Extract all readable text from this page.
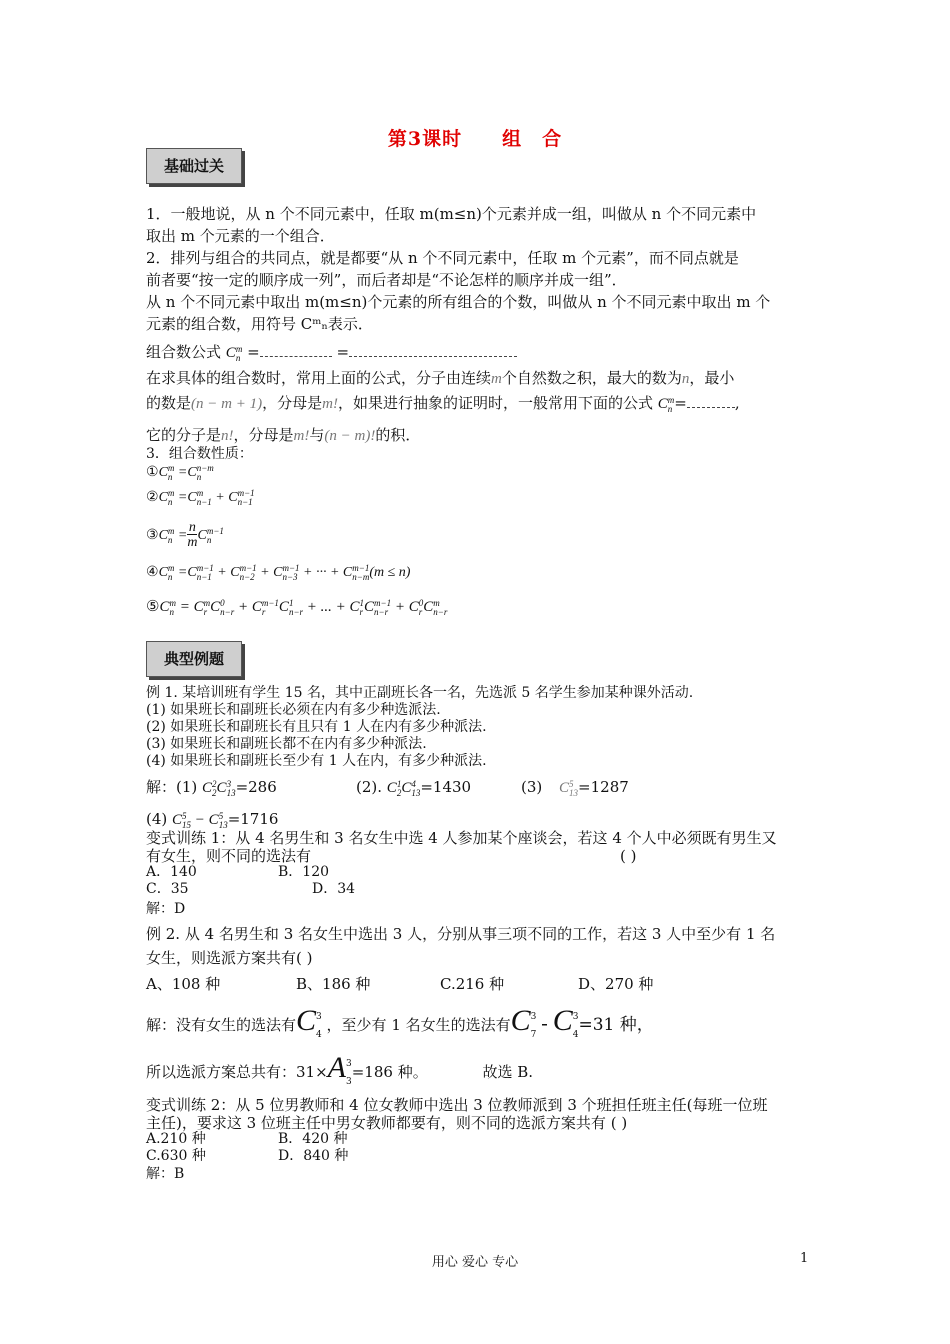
第3课时　　组　合
基础过关
1．一般地说，从 n 个不同元素中，任取 m(m≤n)个元素并成一组，叫做从 n 个不同元素中
取出 m 个元素的一个组合．
2．排列与组合的共同点，就是都要“从 n 个不同元素中，任取 m 个元素”，而不同点就是
前者要“按一定的顺序成一列”，而后者却是“不论怎样的顺序并成一组”．
从 n 个不同元素中取出 m(m≤n)个元素的所有组合的个数，叫做从 n 个不同元素中取出 m 个
元素的组合数，用符号 Cᵐₙ表示．
组合数公式 Cm
n =	=
在求具体的组合数时，常用上面的公式，分子由连续m个自然数之积，最大的数为n，最小
的数是(n − m + 1)，分母是m!，如果进行抽象的证明时，一般常用下面的公式 Cm
n =	,
它的分子是n!，分母是m!与(n − m)!的积．
3．组合数性质：
①Cm
n =Cn−m
n
②Cm
n =Cm
n−1 + Cm−1
n−1
③Cm
$n =\frac{n}{m}Cm-1$
n
④Cm
n =Cm−1
n−1 + Cm−1
n−2 + Cm−1
n−3 + ··· + Cm−1
n−m(m ≤ n)
⑤Cm
n = Cm
r C0
n−r + Cm−1
r C1
n−r + ... + C1
rCm−1
n−r + C0
rCm
n−r
典型例题
例 1. 某培训班有学生 15 名，其中正副班长各一名，先选派 5 名学生参加某种课外活动.
(1) 如果班长和副班长必须在内有多少种选派法.
(2) 如果班长和副班长有且只有 1 人在内有多少种派法.
(3) 如果班长和副班长都不在内有多少种派法.
(4) 如果班长和副班长至少有 1 人在内，有多少种派法.
解：(1) C2
2C3
13=286	(2). C1
2C4
13=1430	(3) C5
13=1287
(4) C5
15 − C5
13=1716
变式训练 1：从 4 名男生和 3 名女生中选 4 人参加某个座谈会，若这 4 个人中必须既有男生又
有女生，则不同的选法有	( )
A．140	B．120
C．35	D．34
解：D
例 2. 从 4 名男生和 3 名女生中选出 3 人，分别从事三项不同的工作，若这 3 人中至少有 1 名
女生，则选派方案共有( )
A、108 种	B、186 种	C.216 种	D、270 种
解：没有女生的选法有C3

4 ，至少有 1 名女生的选法有C3

7 - C3

4=31 种，
所以选派方案总共有：31×A3

3=186 种。	故选 B.
变式训练 2：从 5 位男教师和 4 位女教师中选出 3 位教师派到 3 个班担任班主任(每班一位班
主任)，要求这 3 位班主任中男女教师都要有，则不同的选派方案共有 ( )
A.210 种	B．420 种
C.630 种	D．840 种
解：B
用心 爱心 专心	1
